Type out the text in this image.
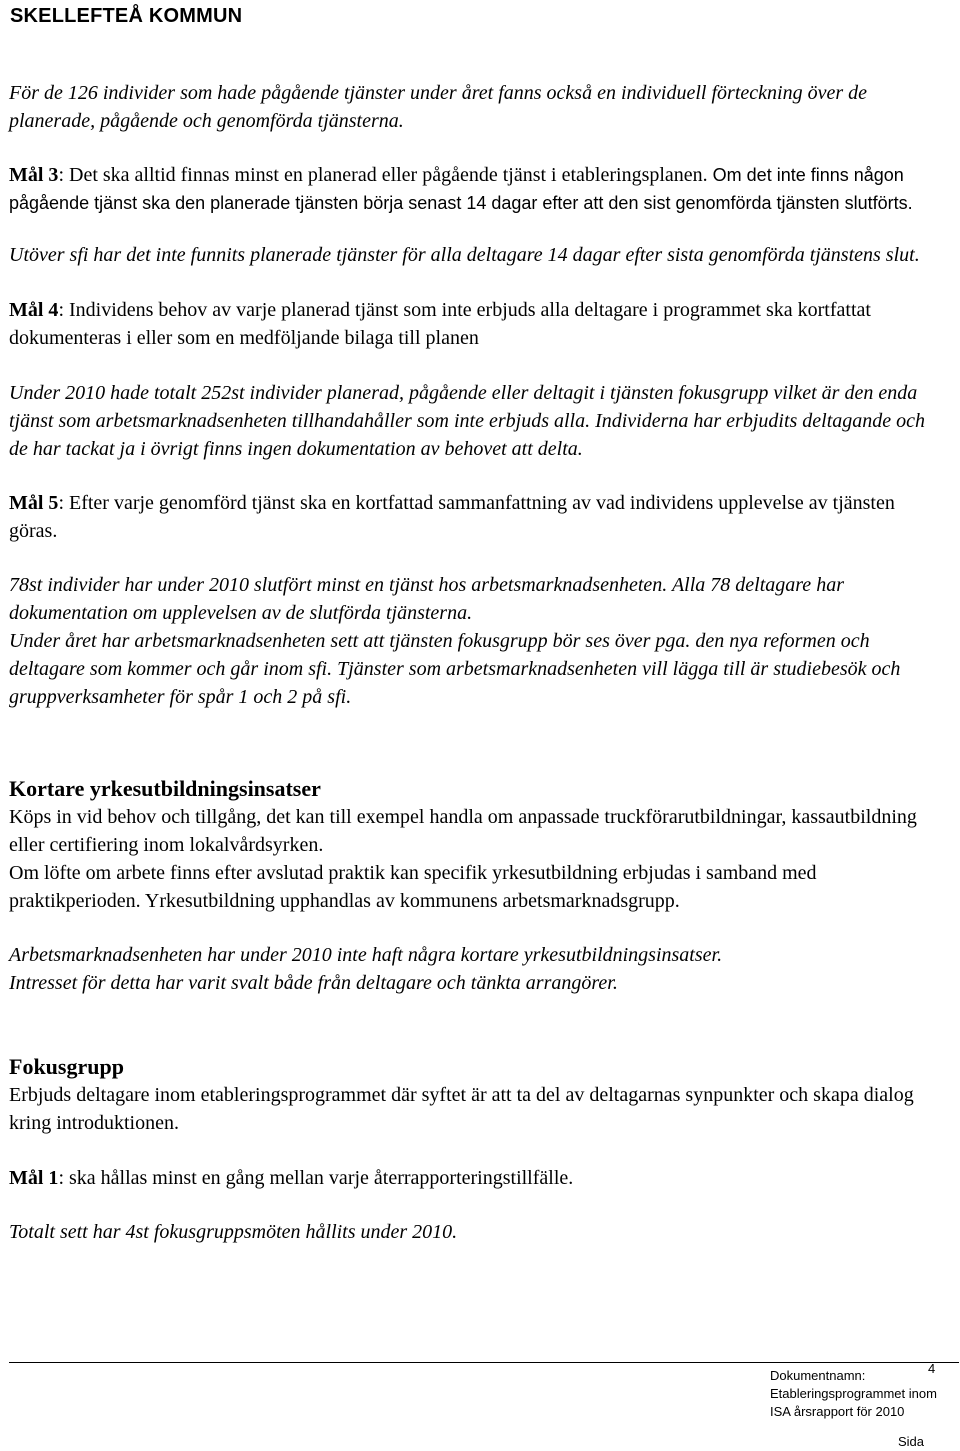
SKELLEFTEÅ KOMMUN

För de 126 individer som hade pågående tjänster under året fanns också en individuell förteckning över de planerade, pågående och genomförda tjänsterna.

Mål 3: Det ska alltid finnas minst en planerad eller pågående tjänst i etableringsplanen. Om det inte finns någon pågående tjänst ska den planerade tjänsten börja senast 14 dagar efter att den sist genomförda tjänsten slutförts.

Utöver sfi har det inte funnits planerade tjänster för alla deltagare 14 dagar efter sista genomförda tjänstens slut.

Mål 4: Individens behov av varje planerad tjänst som inte erbjuds alla deltagare i programmet ska kortfattat dokumenteras i eller som en medföljande bilaga till planen

Under 2010 hade totalt 252st individer planerad, pågående eller deltagit i tjänsten fokusgrupp vilket är den enda tjänst som arbetsmarknadsenheten tillhandahåller som inte erbjuds alla. Individerna har erbjudits deltagande och de har tackat ja i övrigt finns ingen dokumentation av behovet att delta.

Mål 5: Efter varje genomförd tjänst ska en kortfattad sammanfattning av vad individens upplevelse av tjänsten göras.

78st individer har under 2010 slutfört minst en tjänst hos arbetsmarknadsenheten. Alla 78 deltagare har dokumentation om upplevelsen av de slutförda tjänsterna.

Under året har arbetsmarknadsenheten sett att tjänsten fokusgrupp bör ses över pga. den nya reformen och deltagare som kommer och går inom sfi. Tjänster som arbetsmarknadsenheten vill lägga till är studiebesök och gruppverksamheter för spår 1 och 2 på sfi.

Kortare yrkesutbildningsinsatser

Köps in vid behov och tillgång, det kan till exempel handla om anpassade truckförarutbildningar, kassautbildning eller certifiering inom lokalvårdsyrken.

Om löfte om arbete finns efter avslutad praktik kan specifik yrkesutbildning erbjudas i samband med praktikperioden. Yrkesutbildning upphandlas av kommunens arbetsmarknadsgrupp.

Arbetsmarknadsenheten har under 2010 inte haft några kortare yrkesutbildningsinsatser.

Intresset för detta har varit svalt både från deltagare och tänkta arrangörer.

Fokusgrupp

Erbjuds deltagare inom etableringsprogrammet där syftet är att ta del av deltagarnas synpunkter och skapa dialog kring introduktionen.

Mål 1: ska hållas minst en gång mellan varje återrapporteringstillfälle.

Totalt sett har 4st fokusgruppsmöten hållits under 2010.

4
Dokumentnamn:
Etableringsprogrammet inom
ISA årsrapport för 2010
Sida
